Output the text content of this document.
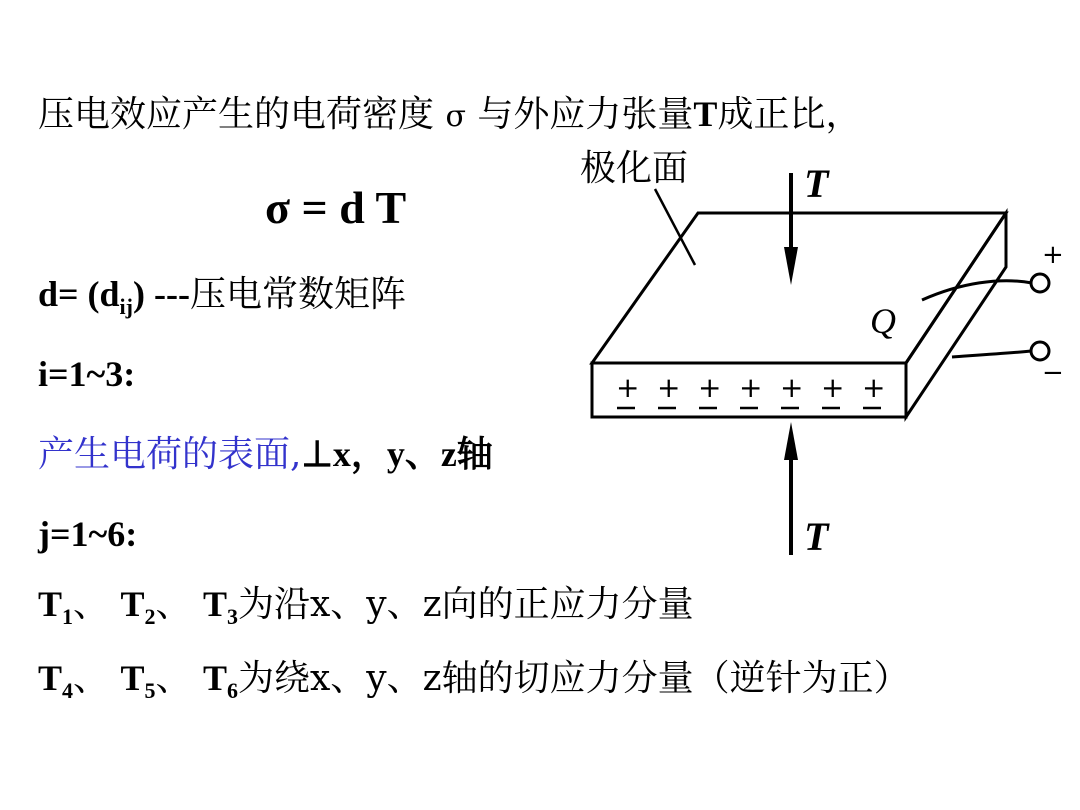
压电效应产生的电荷密度 σ 与外应力张量T成正比，
σ = d T
$d= (d_{ij})$ ---压电常数矩阵
i=1~3:
产生电荷的表面,⊥x，y、z轴
j=1~6:
$T_1$、 $T_2$、 $T_3$为沿x、y、z向的正应力分量
$T_4$、 $T_5$、 $T_6$为绕x、y、z轴的切应力分量（逆针为正）
极化面	T
T
Q
+
−
+ + + + + + +
